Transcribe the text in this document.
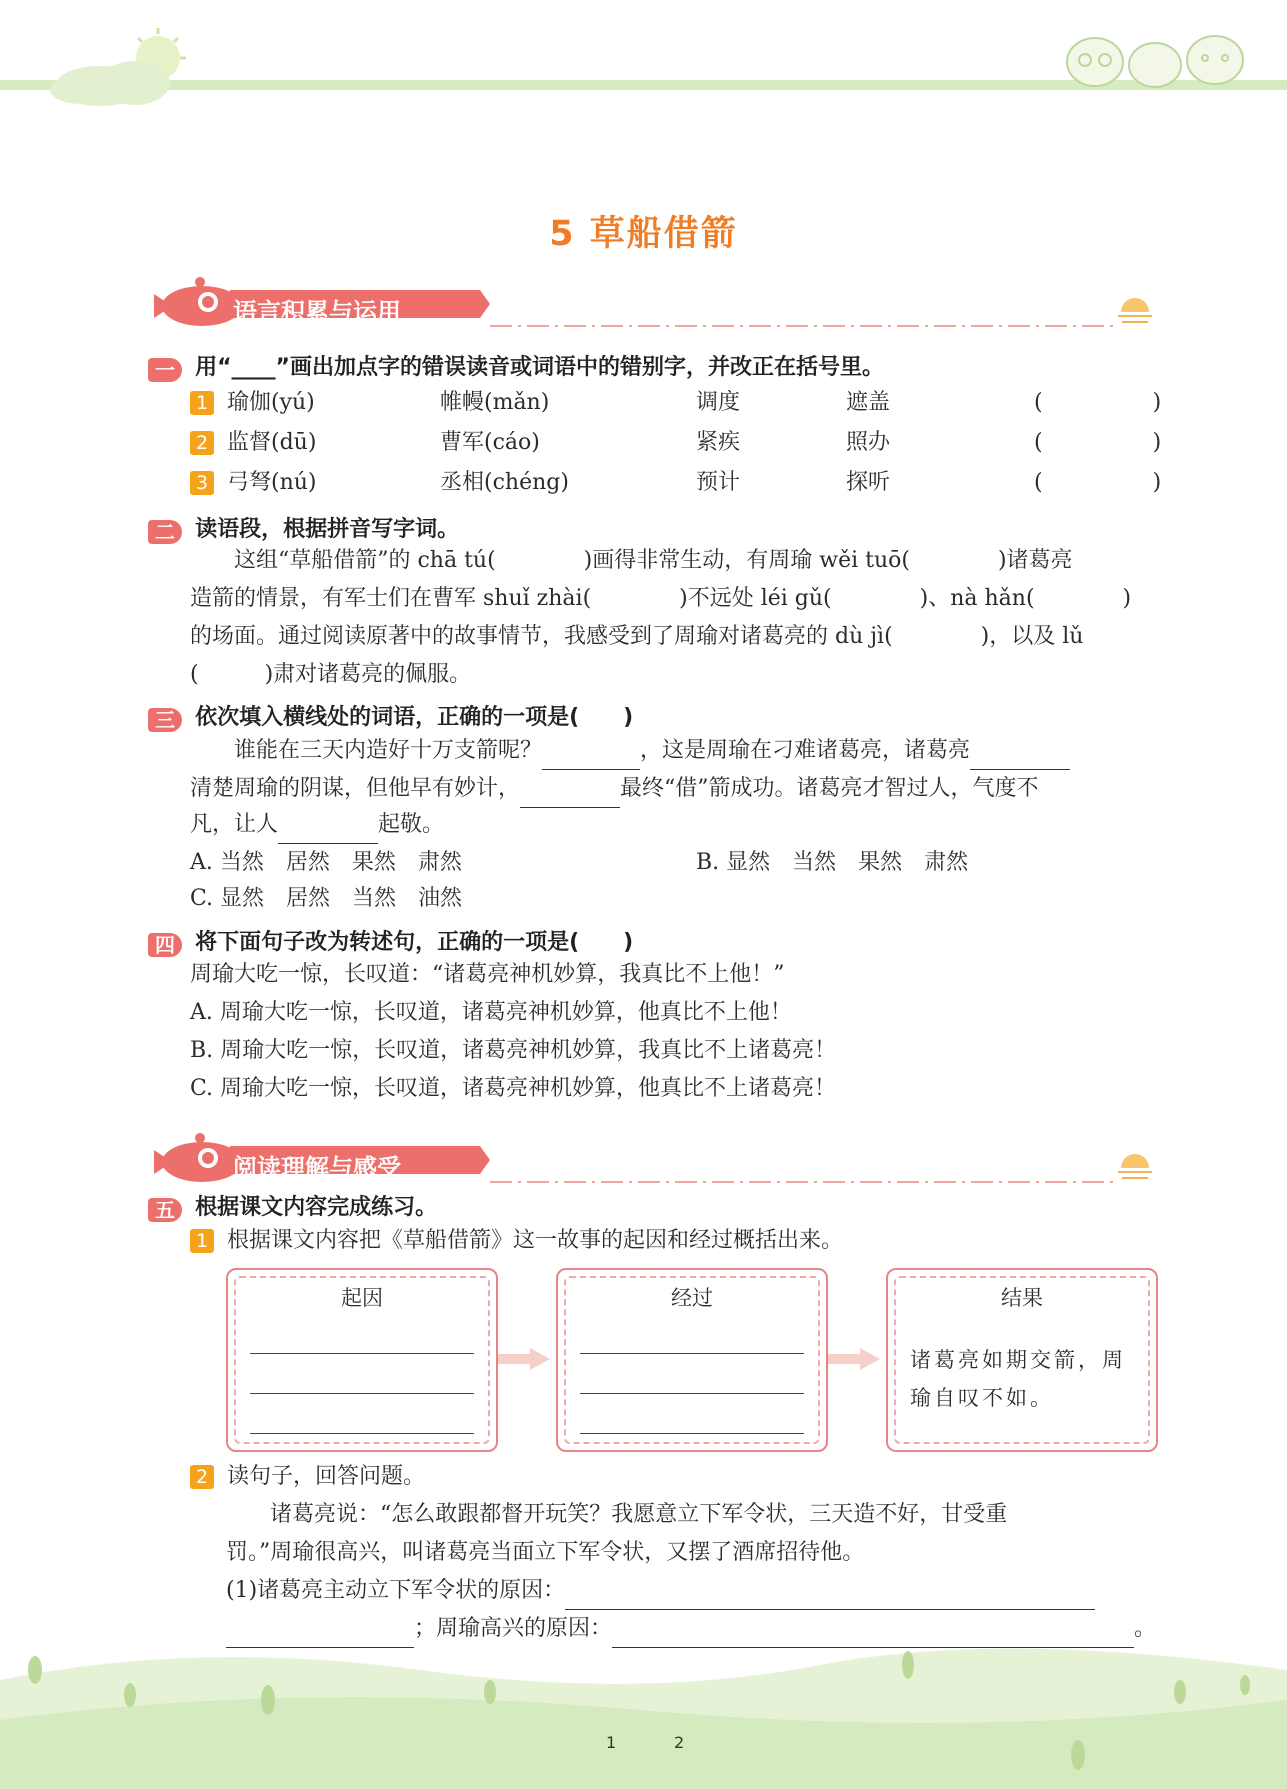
5 草船借箭
语言积累与运用
一 用“____”画出加点字的错误读音或词语中的错别字，并改正在括号里。
1 瑜伽(yú)	帷幔(mǎn)	调度	遮盖	(　　　　　)
2 监督(dū)	曹军(cáo)	紧疾	照办	(　　　　　)
3 弓弩(nú)	丞相(chéng)	预计	探听	(　　　　　)
二 读语段，根据拼音写字词。
　　这组“草船借箭”的 chā tú(　　　　)画得非常生动，有周瑜 wěi tuō(　　　　)诸葛亮
造箭的情景，有军士们在曹军 shuǐ zhài(　　　　)不远处 léi gǔ(　　　　)、nà hǎn(　　　　)
的场面。通过阅读原著中的故事情节，我感受到了周瑜对诸葛亮的 dù jì(　　　　)，以及 lǔ
(　　　)肃对诸葛亮的佩服。
三 依次填入横线处的词语，正确的一项是(　　)
　　谁能在三天内造好十万支箭呢？	，这是周瑜在刁难诸葛亮，诸葛亮
清楚周瑜的阴谋，但他早有妙计，	最终“借”箭成功。诸葛亮才智过人，气度不
凡，让人	起敬。
A. 当然　居然　果然　肃然	B. 显然　当然　果然　肃然
C. 显然　居然　当然　油然
四 将下面句子改为转述句，正确的一项是(　　)
周瑜大吃一惊，长叹道：“诸葛亮神机妙算，我真比不上他！”
A. 周瑜大吃一惊，长叹道，诸葛亮神机妙算，他真比不上他！
B. 周瑜大吃一惊，长叹道，诸葛亮神机妙算，我真比不上诸葛亮！
C. 周瑜大吃一惊，长叹道，诸葛亮神机妙算，他真比不上诸葛亮！
阅读理解与感受
五 根据课文内容完成练习。
1 根据课文内容把《草船借箭》这一故事的起因和经过概括出来。
起因	经过	结果
诸葛亮如期交箭，周
瑜自叹不如。
2 读句子，回答问题。
　　诸葛亮说：“怎么敢跟都督开玩笑？我愿意立下军令状，三天造不好，甘受重
罚。”周瑜很高兴，叫诸葛亮当面立下军令状，又摆了酒席招待他。
(1)诸葛亮主动立下军令状的原因：
；周瑜高兴的原因：	。
1	2
